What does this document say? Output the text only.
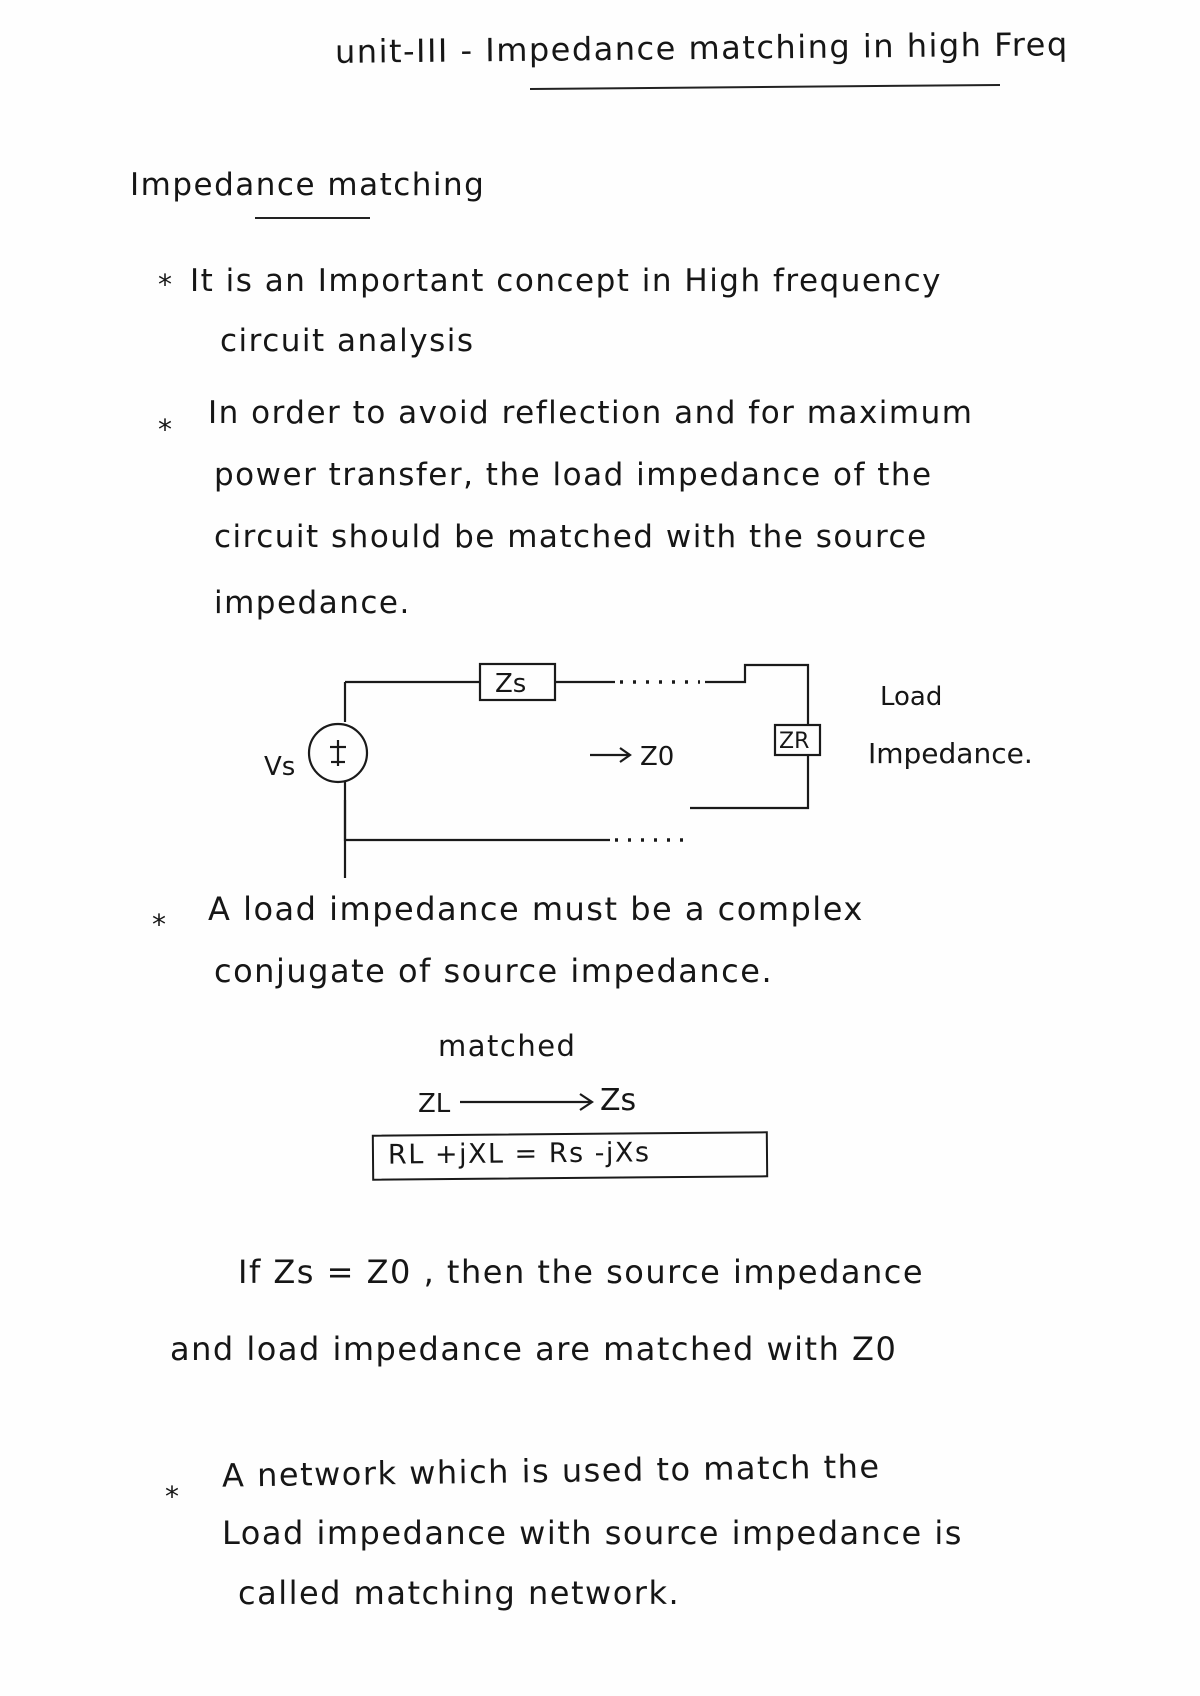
unit-III - Impedance matching in high Freq
Impedance matching
* It is an Important concept in High frequency
circuit analysis
* In order to avoid reflection and for maximum
power transfer, the load impedance of the
circuit should be matched with the source
impedance.
Vs
Zs
Z0
ZR
Load
Impedance.
* A load impedance must be a complex
conjugate of source impedance.
matched
ZL	Zs
RL +jXL = Rs -jXs
If Zs = Z0 , then the source impedance
and load impedance are matched with Z0
*
A network which is used to match the
Load impedance with source impedance is
called matching network.
